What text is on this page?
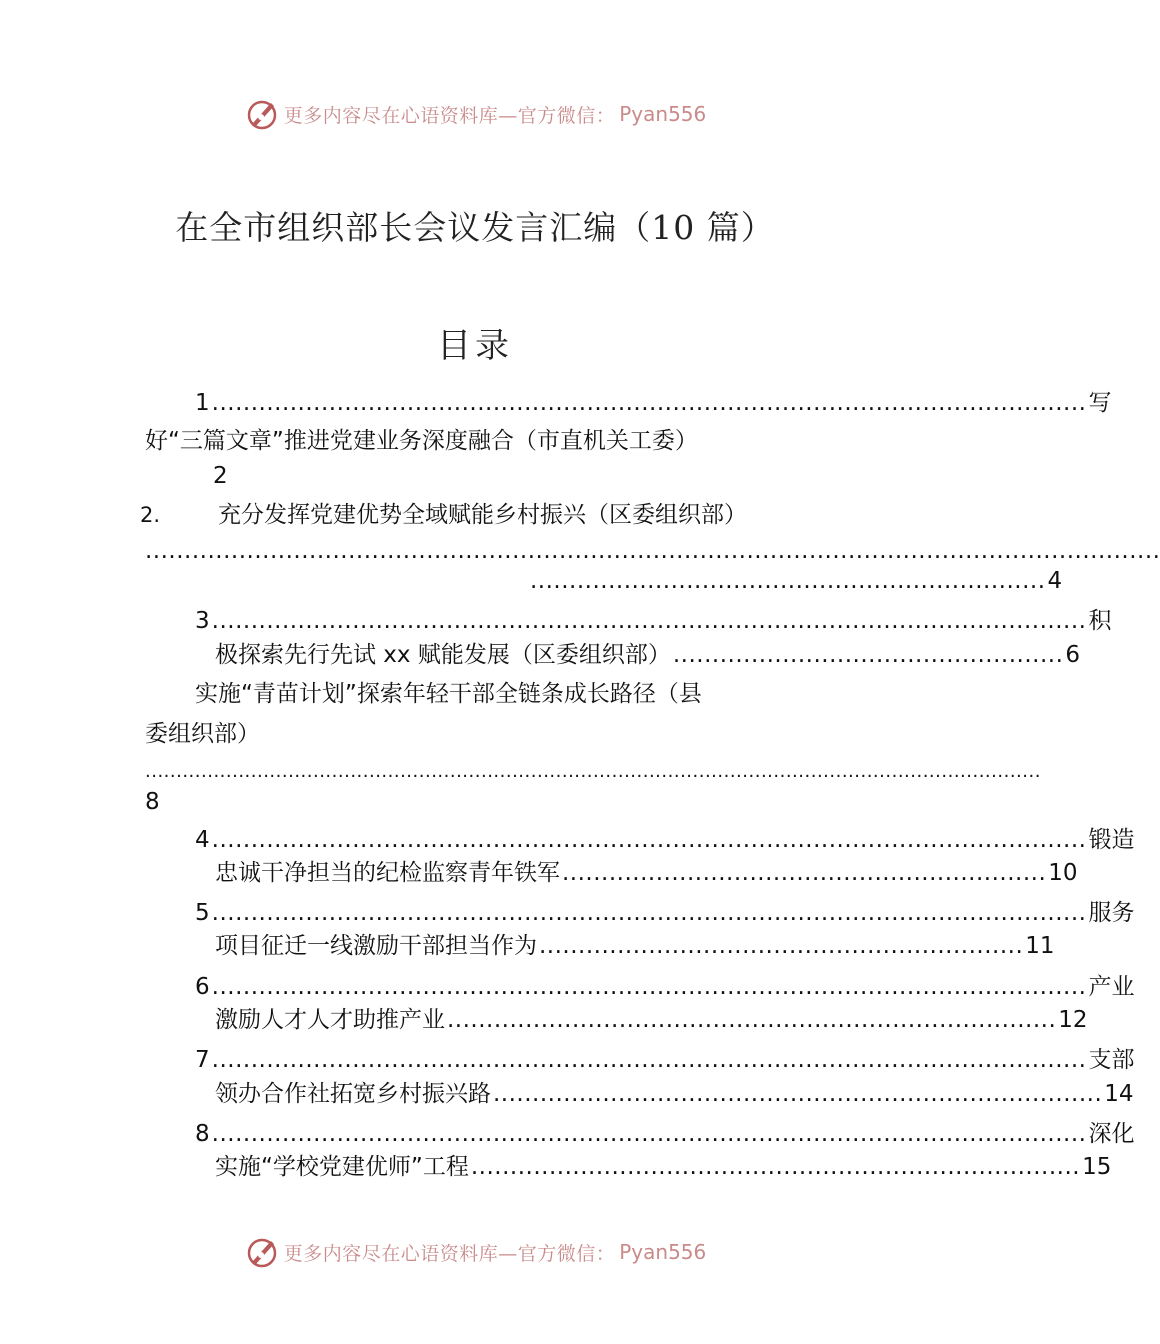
更多内容尽在心语资料库—官方微信： Pyan556
在全市组织部长会议发言汇编（10 篇）
目录
1 ................................................................................................................ 写
好“三篇文章”推进党建业务深度融合（市直机关工委）
2
2.	充分发挥党建优势全域赋能乡村振兴（区委组织部）
..................................................................................................................................
.................................................................. 4
3 ................................................................................................................ 积
极探索先行先试 xx 赋能发展（区委组织部） .................................................. 6
实施“青苗计划”探索年轻干部全链条成长路径（县
委组织部）
................................................................................................................................................
8
4 ................................................................................................................ 锻造
忠诚干净担当的纪检监察青年铁军 .............................................................. 10
5 ................................................................................................................ 服务
项目征迁一线激励干部担当作为 .............................................................. 11
6 ................................................................................................................ 产业
激励人才人才助推产业 .............................................................................. 12
7 ................................................................................................................ 支部
领办合作社拓宽乡村振兴路 .............................................................................. 14
8 ................................................................................................................ 深化
实施“学校党建优师”工程 .............................................................................. 15
更多内容尽在心语资料库—官方微信： Pyan556
